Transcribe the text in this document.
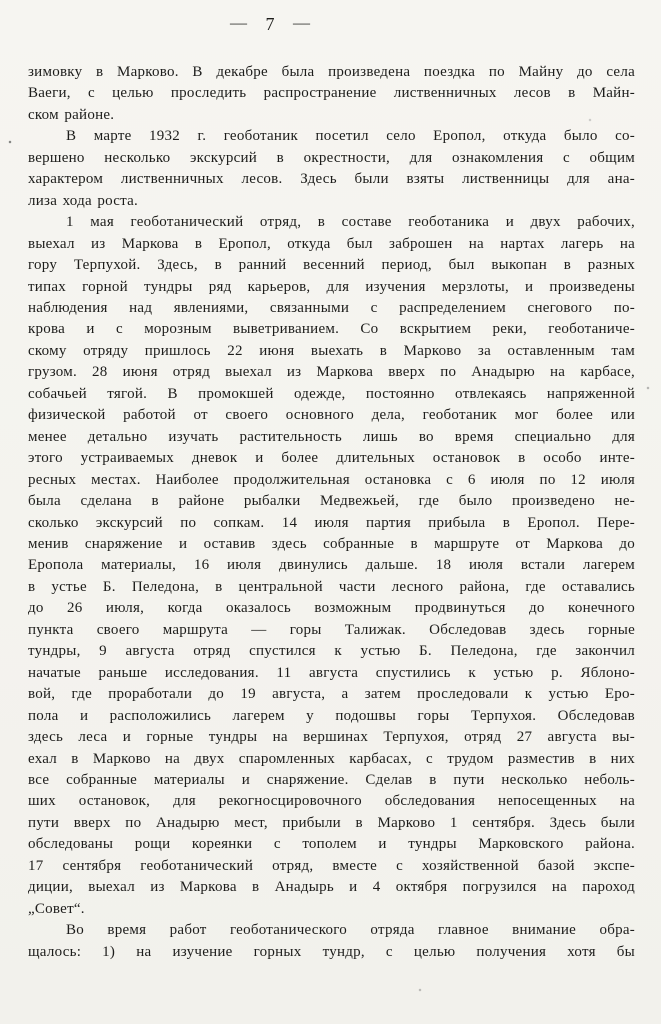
— 7 —
зимовку в Марково. В декабре была произведена поездка по Майну до села
Ваеги, с целью проследить распространение лиственничных лесов в Майн-
ском районе.
В марте 1932 г. геоботаник посетил село Еропол, откуда было со-
вершено несколько экскурсий в окрестности, для ознакомления с общим
характером лиственничных лесов. Здесь были взяты лиственницы для ана-
лиза хода роста.
1 мая геоботанический отряд, в составе геоботаника и двух рабочих,
выехал из Маркова в Еропол, откуда был заброшен на нартах лагерь на
гору Терпухой. Здесь, в ранний весенний период, был выкопан в разных
типах горной тундры ряд карьеров, для изучения мерзлоты, и произведены
наблюдения над явлениями, связанными с распределением снегового по-
крова и с морозным выветриванием. Со вскрытием реки, геоботаниче-
скому отряду пришлось 22 июня выехать в Марково за оставленным там
грузом. 28 июня отряд выехал из Маркова вверх по Анадырю на карбасе,
собачьей тягой. В промокшей одежде, постоянно отвлекаясь напряженной
физической работой от своего основного дела, геоботаник мог более или
менее детально изучать растительность лишь во время специально для
этого устраиваемых дневок и более длительных остановок в особо инте-
ресных местах. Наиболее продолжительная остановка с 6 июля по 12 июля
была сделана в районе рыбалки Медвежьей, где было произведено не-
сколько экскурсий по сопкам. 14 июля партия прибыла в Еропол. Пере-
менив снаряжение и оставив здесь собранные в маршруте от Маркова до
Еропола материалы, 16 июля двинулись дальше. 18 июля встали лагерем
в устье Б. Пеледона, в центральной части лесного района, где оставались
до 26 июля, когда оказалось возможным продвинуться до конечного
пункта своего маршрута — горы Талижак. Обследовав здесь горные
тундры, 9 августа отряд спустился к устью Б. Пеледона, где закончил
начатые раньше исследования. 11 августа спустились к устью р. Яблоно-
вой, где проработали до 19 августа, а затем проследовали к устью Еро-
пола и расположились лагерем у подошвы горы Терпухоя. Обследовав
здесь леса и горные тундры на вершинах Терпухоя, отряд 27 августа вы-
ехал в Марково на двух спаромленных карбасах, с трудом разместив в них
все собранные материалы и снаряжение. Сделав в пути несколько неболь-
ших остановок, для рекогносцировочного обследования непосещенных на
пути вверх по Анадырю мест, прибыли в Марково 1 сентября. Здесь были
обследованы рощи кореянки с тополем и тундры Марковского района.
17 сентября геоботанический отряд, вместе с хозяйственной базой экспе-
диции, выехал из Маркова в Анадырь и 4 октября погрузился на пароход
„Совет“.
Во время работ геоботанического отряда главное внимание обра-
щалось: 1) на изучение горных тундр, с целью получения хотя бы
